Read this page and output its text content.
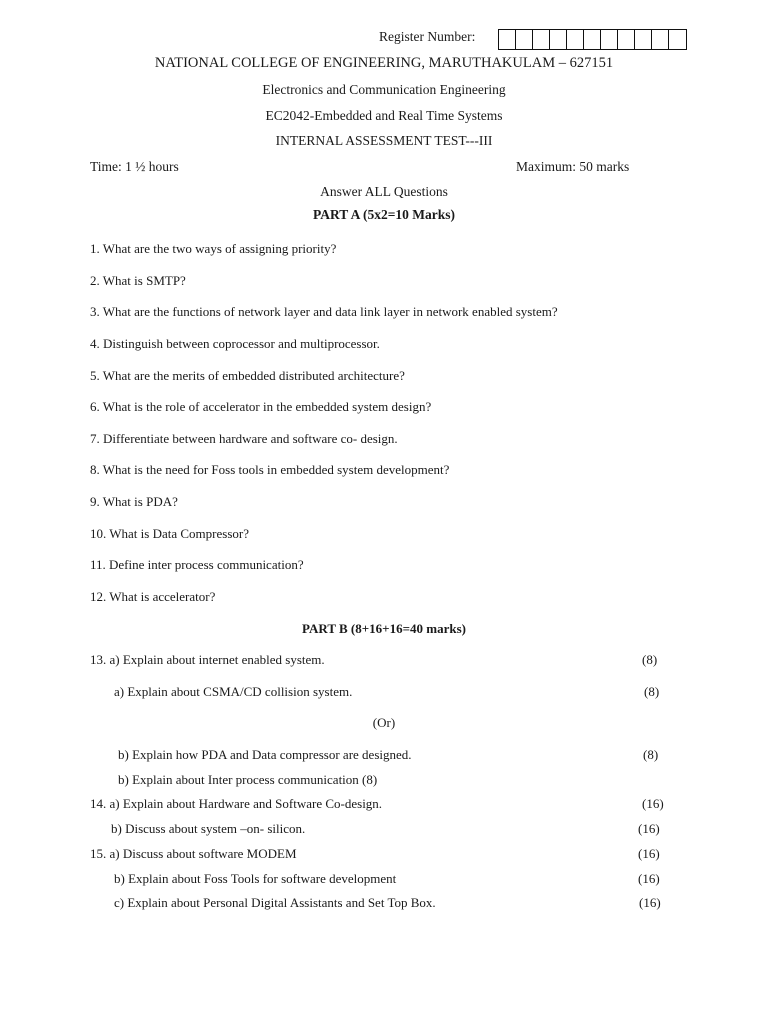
Register Number:
NATIONAL COLLEGE OF ENGINEERING, MARUTHAKULAM – 627151
Electronics and Communication Engineering
EC2042-Embedded and Real Time Systems
INTERNAL ASSESSMENT TEST---III
Time: 1 ½ hours	Maximum: 50 marks
Answer ALL Questions
PART A (5x2=10 Marks)
1. What are the two ways of assigning priority?
2. What is SMTP?
3. What are the functions of network layer and data link layer in network enabled system?
4. Distinguish between coprocessor and multiprocessor.
5. What are the merits of embedded distributed architecture?
6. What is the role of accelerator in the embedded system design?
7. Differentiate between hardware and software co- design.
8. What is the need for Foss tools in embedded system development?
9. What is PDA?
10. What is Data Compressor?
11. Define inter process communication?
12. What is accelerator?
PART B (8+16+16=40 marks)
13. a) Explain about internet enabled system.	(8)
a) Explain about CSMA/CD collision system.	(8)
(Or)
b) Explain how PDA and Data compressor are designed.	(8)
b) Explain about Inter process communication (8)
14. a) Explain about Hardware and Software Co-design.	(16)
b) Discuss about system –on- silicon.	(16)
15. a) Discuss about software MODEM	(16)
b) Explain about Foss Tools for software development	(16)
c) Explain about Personal Digital Assistants and Set Top Box.	(16)
